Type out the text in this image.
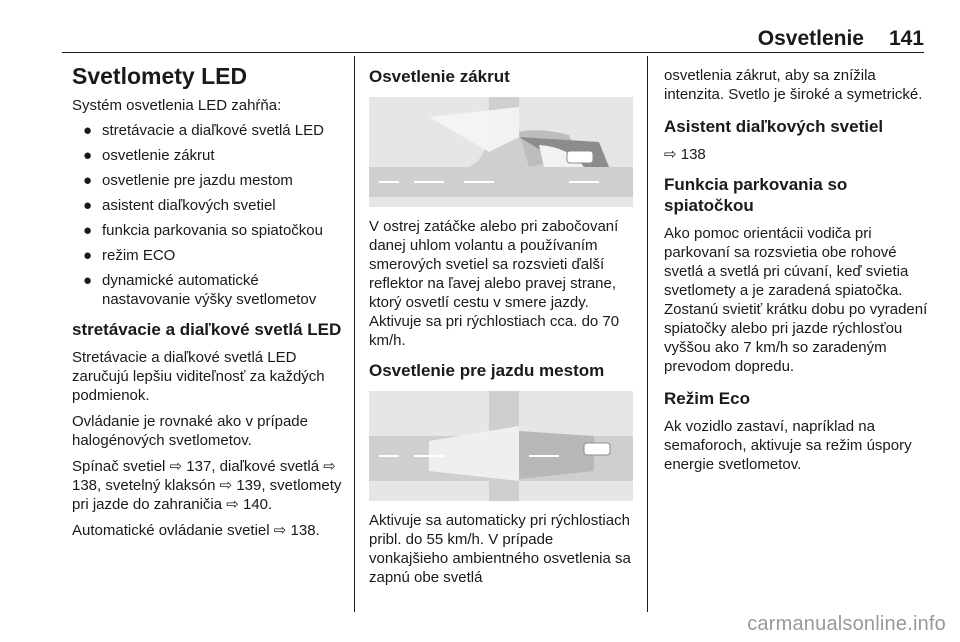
Osvetlenie 141
Svetlomety LED

Systém osvetlenia LED zahŕňa:

● stretávacie a diaľkové svetlá LED
● osvetlenie zákrut
● osvetlenie pre jazdu mestom
● asistent diaľkových svetiel
● funkcia parkovania so spiatočkou
● režim ECO
● dynamické automatické nastavovanie výšky svetlometov
stretávacie a diaľkové svetlá LED

Stretávacie a diaľkové svetlá LED zaručujú lepšiu viditeľnosť za každých podmienok.

Ovládanie je rovnaké ako v prípade halogénových svetlometov.

Spínač svetiel ⇨ 137, diaľkové svetlá ⇨ 138, svetelný klaksón ⇨ 139, svetlomety pri jazde do zahraničia ⇨ 140.

Automatické ovládanie svetiel ⇨ 138.

Osvetlenie zákrut

V ostrej zatáčke alebo pri zabočovaní danej uhlom volantu a používaním smerových svetiel sa rozsvieti ďalší reflektor na ľavej alebo pravej strane, ktorý osvetlí cestu v smere jazdy. Aktivuje sa pri rýchlostiach cca. do 70 km/h.

Osvetlenie pre jazdu mestom

Aktivuje sa automaticky pri rýchlostiach pribl. do 55 km/h. V prípade vonkajšieho ambientného osvetlenia sa zapnú obe svetlá

osvetlenia zákrut, aby sa znížila intenzita. Svetlo je široké a symetrické.

Asistent diaľkových svetiel

⇨ 138

Funkcia parkovania so spiatočkou

Ako pomoc orientácii vodiča pri parkovaní sa rozsvietia obe rohové svetlá a svetlá pri cúvaní, keď svietia svetlomety a je zaradená spiatočka. Zostanú svietiť krátku dobu po vyradení spiatočky alebo pri jazde rýchlosťou vyššou ako 7 km/h so zaradeným prevodom dopredu.

Režim Eco

Ak vozidlo zastaví, napríklad na semaforoch, aktivuje sa režim úspory energie svetlometov.

carmanualsonline.info
